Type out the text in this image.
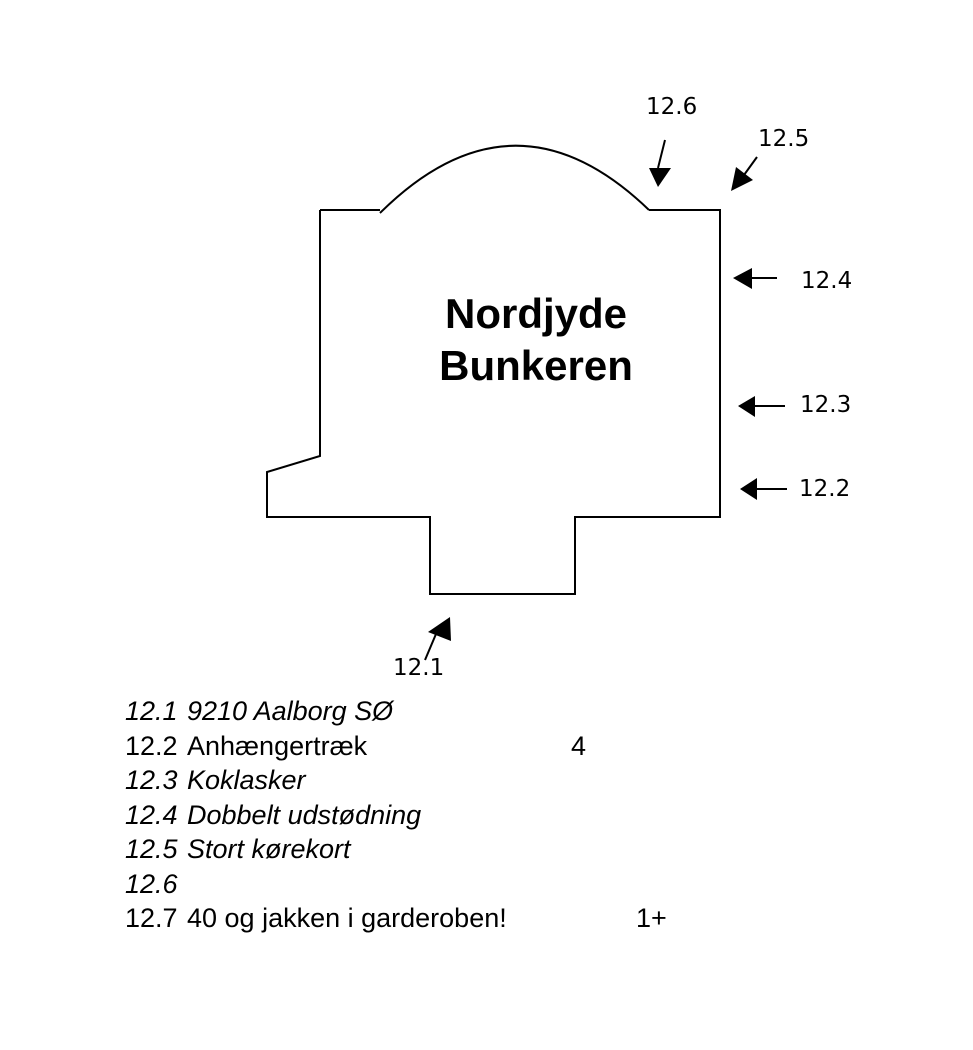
Nordjyde
Bunkeren
12.6
12.5
12.4
12.3
12.2
12.1
12.1 9210 Aalborg SØ
12.2 Anhængertræk	4
12.3 Koklasker
12.4 Dobbelt udstødning
12.5 Stort kørekort
12.6
12.7 40 og jakken i garderoben!	1+
